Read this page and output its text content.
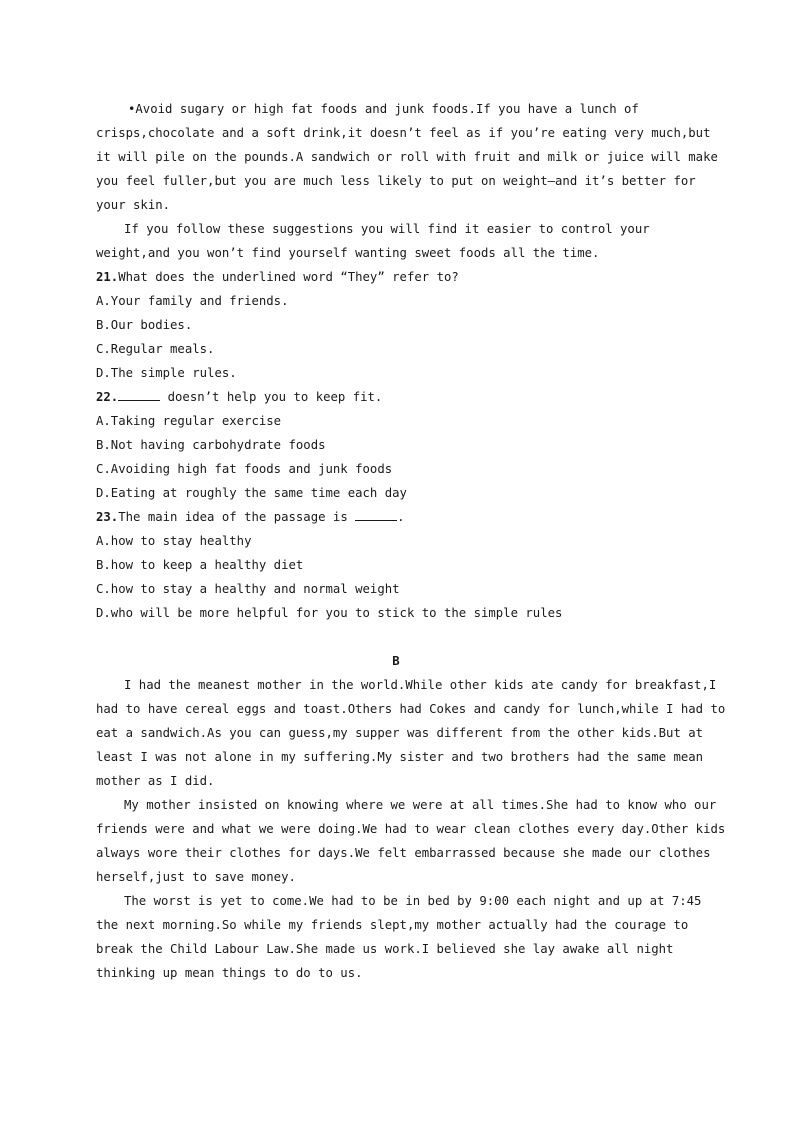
•Avoid sugary or high fat foods and junk foods.If you have a lunch of
crisps,chocolate and a soft drink,it doesn’t feel as if you’re eating very much,but
it will pile on the pounds.A sandwich or roll with fruit and milk or juice will make
you feel fuller,but you are much less likely to put on weight—and it’s better for
your skin.
If you follow these suggestions you will find it easier to control your
weight,and you won’t find yourself wanting sweet foods all the time.
21.What does the underlined word “They” refer to?
A.Your family and friends.
B.Our bodies.
C.Regular meals.
D.The simple rules.
22.	doesn’t help you to keep fit.
A.Taking regular exercise
B.Not having carbohydrate foods
C.Avoiding high fat foods and junk foods
D.Eating at roughly the same time each day
23.The main idea of the passage is	.
A.how to stay healthy
B.how to keep a healthy diet
C.how to stay a healthy and normal weight
D.who will be more helpful for you to stick to the simple rules
B
I had the meanest mother in the world.While other kids ate candy for breakfast,I
had to have cereal eggs and toast.Others had Cokes and candy for lunch,while I had to
eat a sandwich.As you can guess,my supper was different from the other kids.But at
least I was not alone in my suffering.My sister and two brothers had the same mean
mother as I did.
My mother insisted on knowing where we were at all times.She had to know who our
friends were and what we were doing.We had to wear clean clothes every day.Other kids
always wore their clothes for days.We felt embarrassed because she made our clothes
herself,just to save money.
The worst is yet to come.We had to be in bed by 9:00 each night and up at 7:45
the next morning.So while my friends slept,my mother actually had the courage to
break the Child Labour Law.She made us work.I believed she lay awake all night
thinking up mean things to do to us.
